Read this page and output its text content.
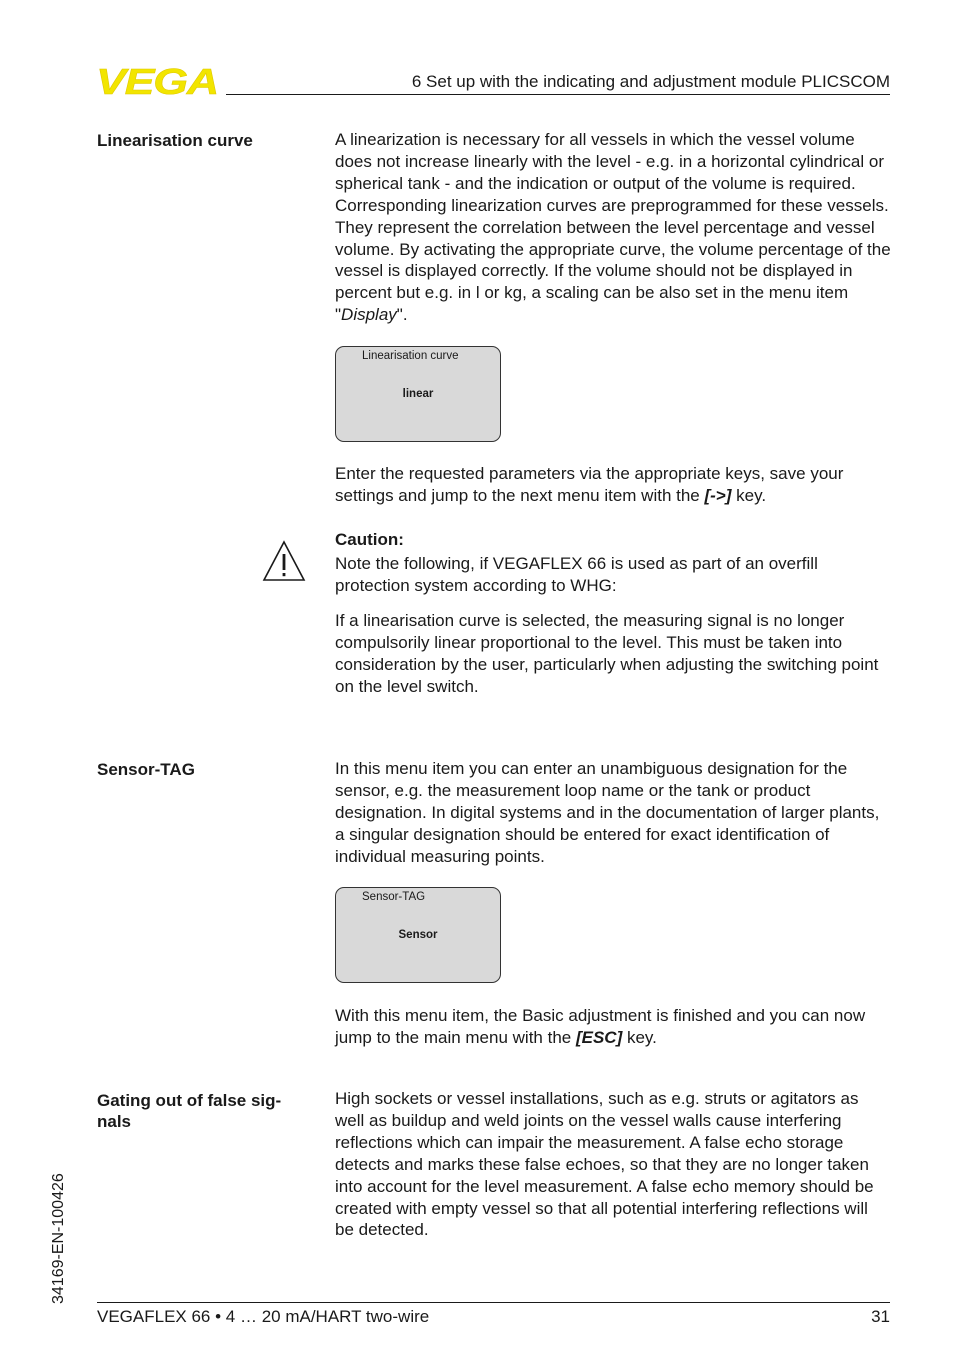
VEGA	6 Set up with the indicating and adjustment module PLICSCOM
Linearisation curve	A linearization is necessary for all vessels in which the vessel volume does not increase linearly with the level - e.g. in a horizontal cylindrical or spherical tank - and the indication or output of the volume is required. Corresponding linearization curves are preprogrammed for these vessels. They represent the correlation between the level percentage and vessel volume. By activating the appropriate curve, the volume percentage of the vessel is displayed correctly. If the volume should not be displayed in percent but e.g. in l or kg, a scaling can be also set in the menu item "Display".

Linearisation curve
linear

Enter the requested parameters via the appropriate keys, save your settings and jump to the next menu item with the [->] key.

Caution:

Note the following, if VEGAFLEX 66 is used as part of an overfill protection system according to WHG:

If a linearisation curve is selected, the measuring signal is no longer compulsorily linear proportional to the level. This must be taken into consideration by the user, particularly when adjusting the switching point on the level switch.

Sensor-TAG	In this menu item you can enter an unambiguous designation for the sensor, e.g. the measurement loop name or the tank or product designation. In digital systems and in the documentation of larger plants, a singular designation should be entered for exact identification of individual measuring points.

Sensor-TAG
Sensor

With this menu item, the Basic adjustment is finished and you can now jump to the main menu with the [ESC] key.

Gating out of false sig-
nals

High sockets or vessel installations, such as e.g. struts or agitators as well as buildup and weld joints on the vessel walls cause interfering reflections which can impair the measurement. A false echo storage detects and marks these false echoes, so that they are no longer taken into account for the level measurement. A false echo memory should be created with empty vessel so that all potential interfering reflections will be detected.

34169-EN-100426
VEGAFLEX 66 • 4 … 20 mA/HART two-wire	31
